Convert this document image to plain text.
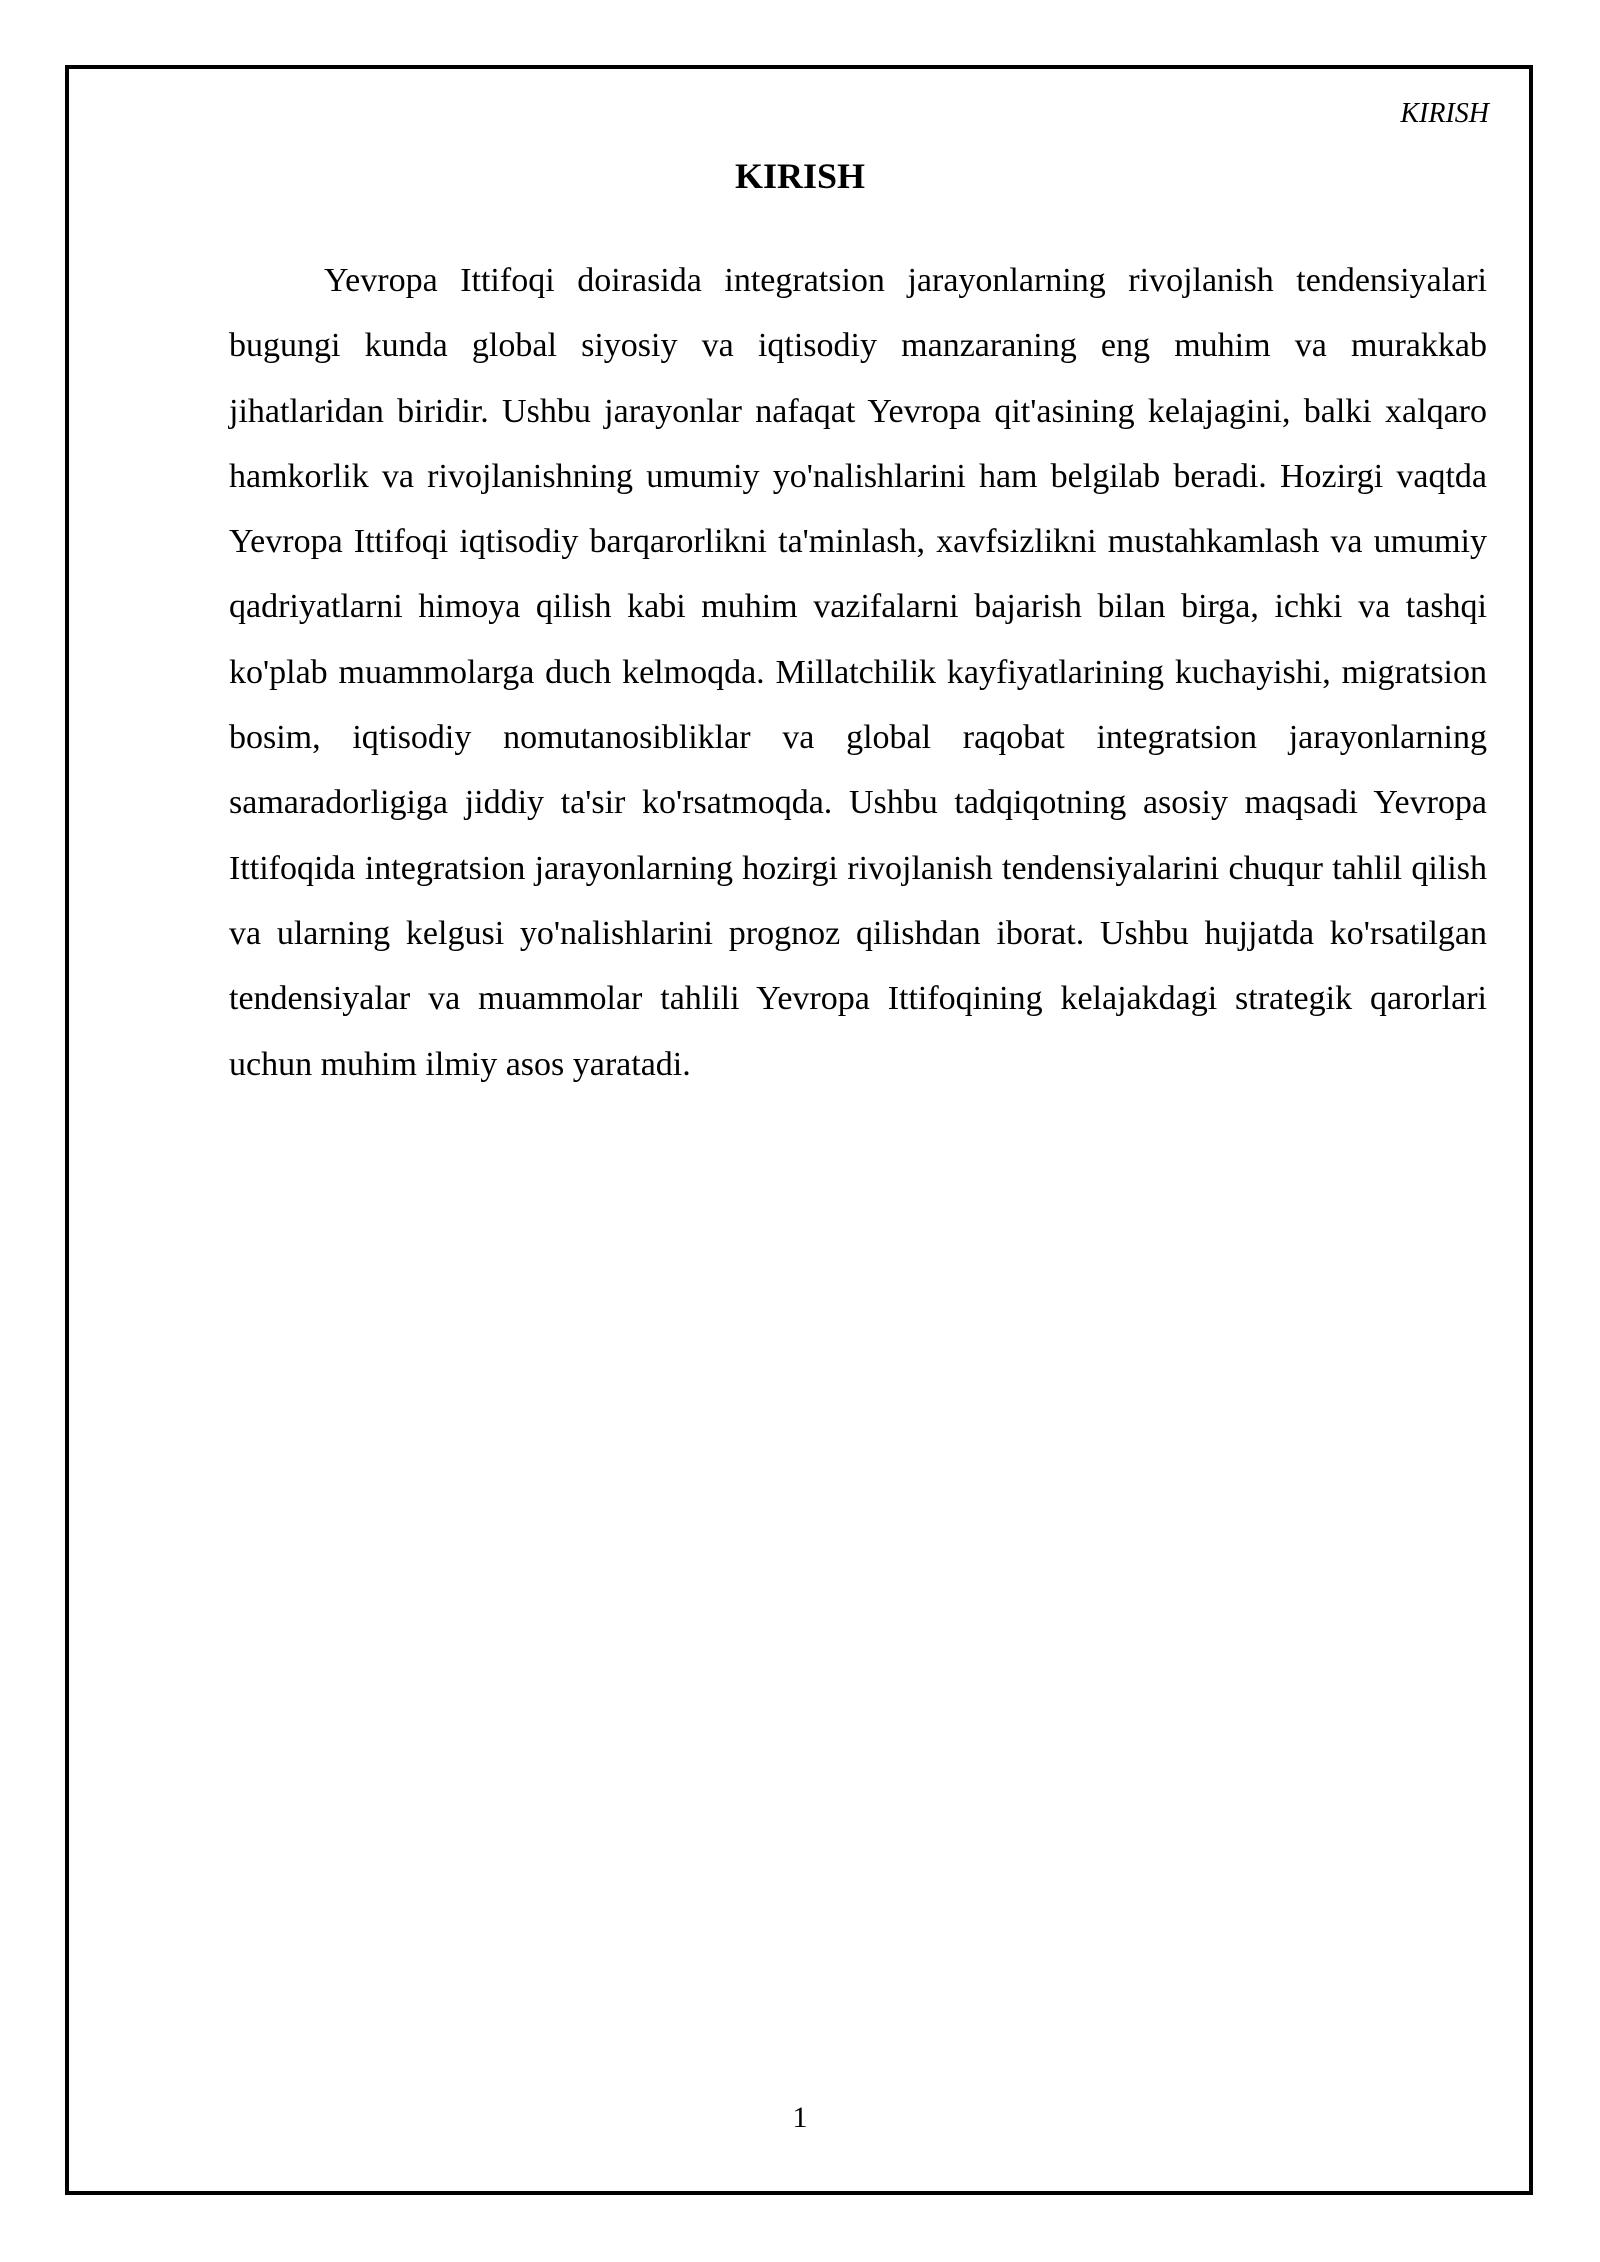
KIRISH
KIRISH

Yevropa Ittifoqi doirasida integratsion jarayonlarning rivojlanish tendensiyalari bugungi kunda global siyosiy va iqtisodiy manzaraning eng muhim va murakkab jihatlaridan biridir. Ushbu jarayonlar nafaqat Yevropa qit'asining kelajagini, balki xalqaro hamkorlik va rivojlanishning umumiy yo'nalishlarini ham belgilab beradi. Hozirgi vaqtda Yevropa Ittifoqi iqtisodiy barqarorlikni ta'minlash, xavfsizlikni mustahkamlash va umumiy qadriyatlarni himoya qilish kabi muhim vazifalarni bajarish bilan birga, ichki va tashqi ko'plab muammolarga duch kelmoqda. Millatchilik kayfiyatlarining kuchayishi, migratsion bosim, iqtisodiy nomutanosibliklar va global raqobat integratsion jarayonlarning samaradorligiga jiddiy ta'sir ko'rsatmoqda. Ushbu tadqiqotning asosiy maqsadi Yevropa Ittifoqida integratsion jarayonlarning hozirgi rivojlanish tendensiyalarini chuqur tahlil qilish va ularning kelgusi yo'nalishlarini prognoz qilishdan iborat. Ushbu hujjatda ko'rsatilgan tendensiyalar va muammolar tahlili Yevropa Ittifoqining kelajakdagi strategik qarorlari uchun muhim ilmiy asos yaratadi.

1
